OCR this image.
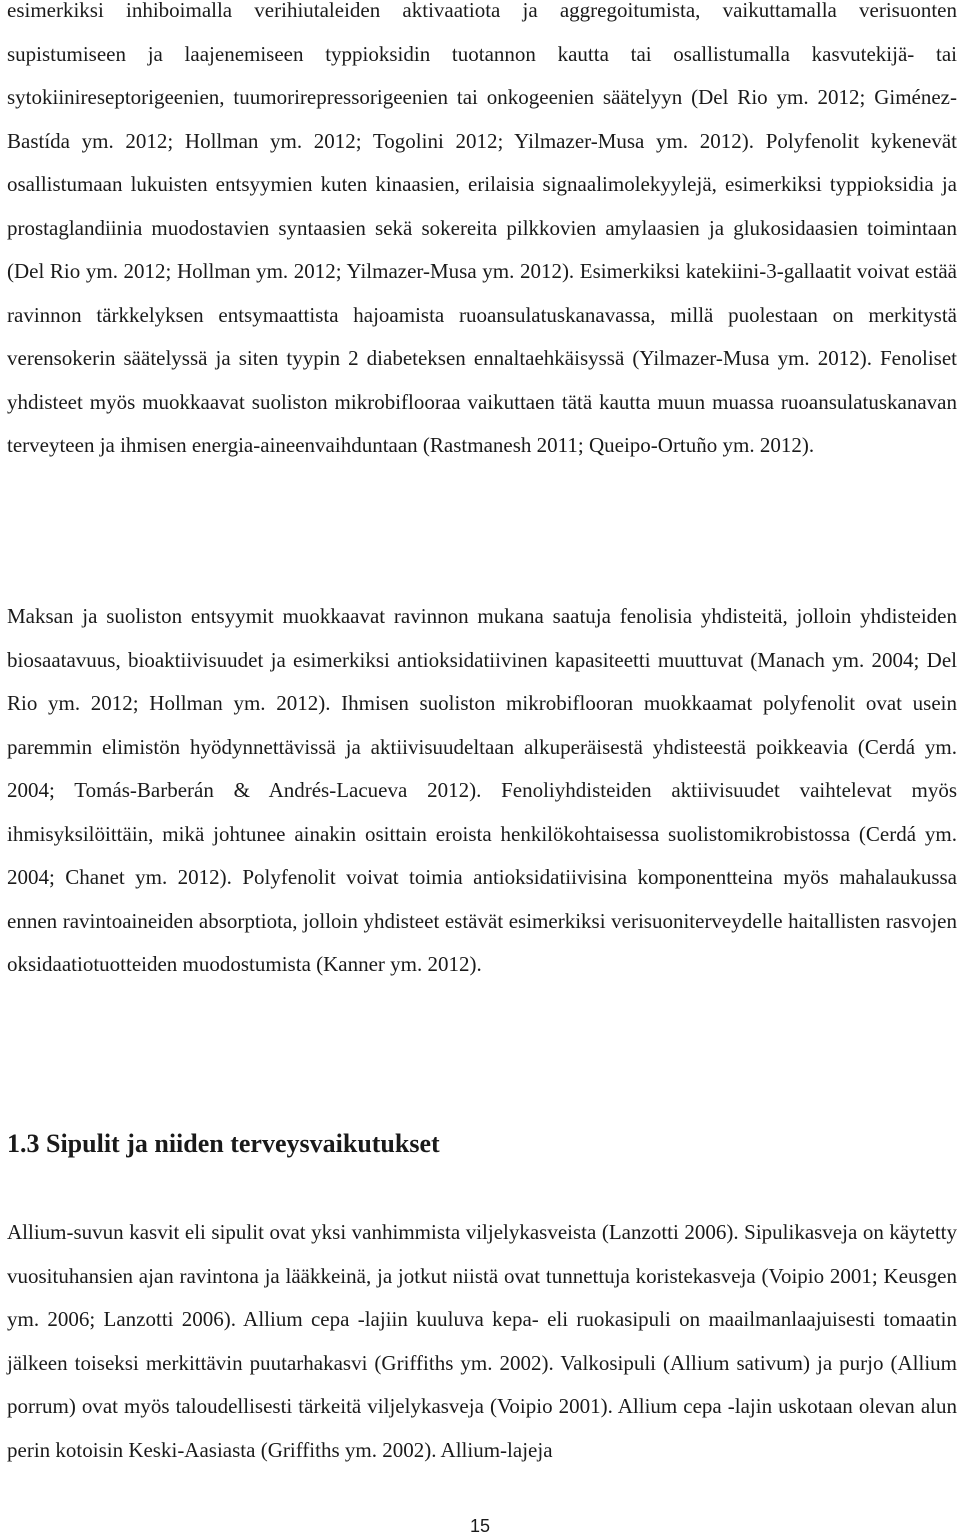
esimerkiksi inhiboimalla verihiutaleiden aktivaatiota ja aggregoitumista, vaikuttamalla verisuonten supistumiseen ja laajenemiseen typpioksidin tuotannon kautta tai osallistumalla kasvutekijä- tai sytokiinireseptorigeenien, tuumorirepressorigeenien tai onkogeenien säätelyyn (Del Rio ym. 2012; Giménez-Bastída ym. 2012; Hollman ym. 2012; Togolini 2012; Yilmazer-Musa ym. 2012). Polyfenolit kykenevät osallistumaan lukuisten entsyymien kuten kinaasien, erilaisia signaalimolekyylejä, esimerkiksi typpioksidia ja prostaglandiinia muodostavien syntaasien sekä sokereita pilkkovien amylaasien ja glukosidaasien toimintaan (Del Rio ym. 2012; Hollman ym. 2012; Yilmazer-Musa ym. 2012). Esimerkiksi katekiini-3-gallaatit voivat estää ravinnon tärkkelyksen entsymaattista hajoamista ruoansulatuskanavassa, millä puolestaan on merkitystä verensokerin säätelyssä ja siten tyypin 2 diabeteksen ennaltaehkäisyssä (Yilmazer-Musa ym. 2012). Fenoliset yhdisteet myös muokkaavat suoliston mikrobiflooraa vaikuttaen tätä kautta muun muassa ruoansulatuskanavan terveyteen ja ihmisen energia-aineenvaihduntaan (Rastmanesh 2011; Queipo-Ortuño ym. 2012).

Maksan ja suoliston entsyymit muokkaavat ravinnon mukana saatuja fenolisia yhdisteitä, jolloin yhdisteiden biosaatavuus, bioaktiivisuudet ja esimerkiksi antioksidatiivinen kapasiteetti muuttuvat (Manach ym. 2004; Del Rio ym. 2012; Hollman ym. 2012). Ihmisen suoliston mikrobiflooran muokkaamat polyfenolit ovat usein paremmin elimistön hyödynnettävissä ja aktiivisuudeltaan alkuperäisestä yhdisteestä poikkeavia (Cerdá ym. 2004; Tomás-Barberán & Andrés-Lacueva 2012). Fenoliyhdisteiden aktiivisuudet vaihtelevat myös ihmisyksilöittäin, mikä johtunee ainakin osittain eroista henkilökohtaisessa suolistomikrobistossa (Cerdá ym. 2004; Chanet ym. 2012). Polyfenolit voivat toimia antioksidatiivisina komponentteina myös mahalaukussa ennen ravintoaineiden absorptiota, jolloin yhdisteet estävät esimerkiksi verisuoniterveydelle haitallisten rasvojen oksidaatiotuotteiden muodostumista (Kanner ym. 2012).

1.3 Sipulit ja niiden terveysvaikutukset

Allium-suvun kasvit eli sipulit ovat yksi vanhimmista viljelykasveista (Lanzotti 2006). Sipulikasveja on käytetty vuosituhansien ajan ravintona ja lääkkeinä, ja jotkut niistä ovat tunnettuja koristekasveja (Voipio 2001; Keusgen ym. 2006; Lanzotti 2006). Allium cepa -lajiin kuuluva kepa- eli ruokasipuli on maailmanlaajuisesti tomaatin jälkeen toiseksi merkittävin puutarhakasvi (Griffiths ym. 2002). Valkosipuli (Allium sativum) ja purjo (Allium porrum) ovat myös taloudellisesti tärkeitä viljelykasveja (Voipio 2001). Allium cepa -lajin uskotaan olevan alun perin kotoisin Keski-Aasiasta (Griffiths ym. 2002). Allium-lajeja

15
